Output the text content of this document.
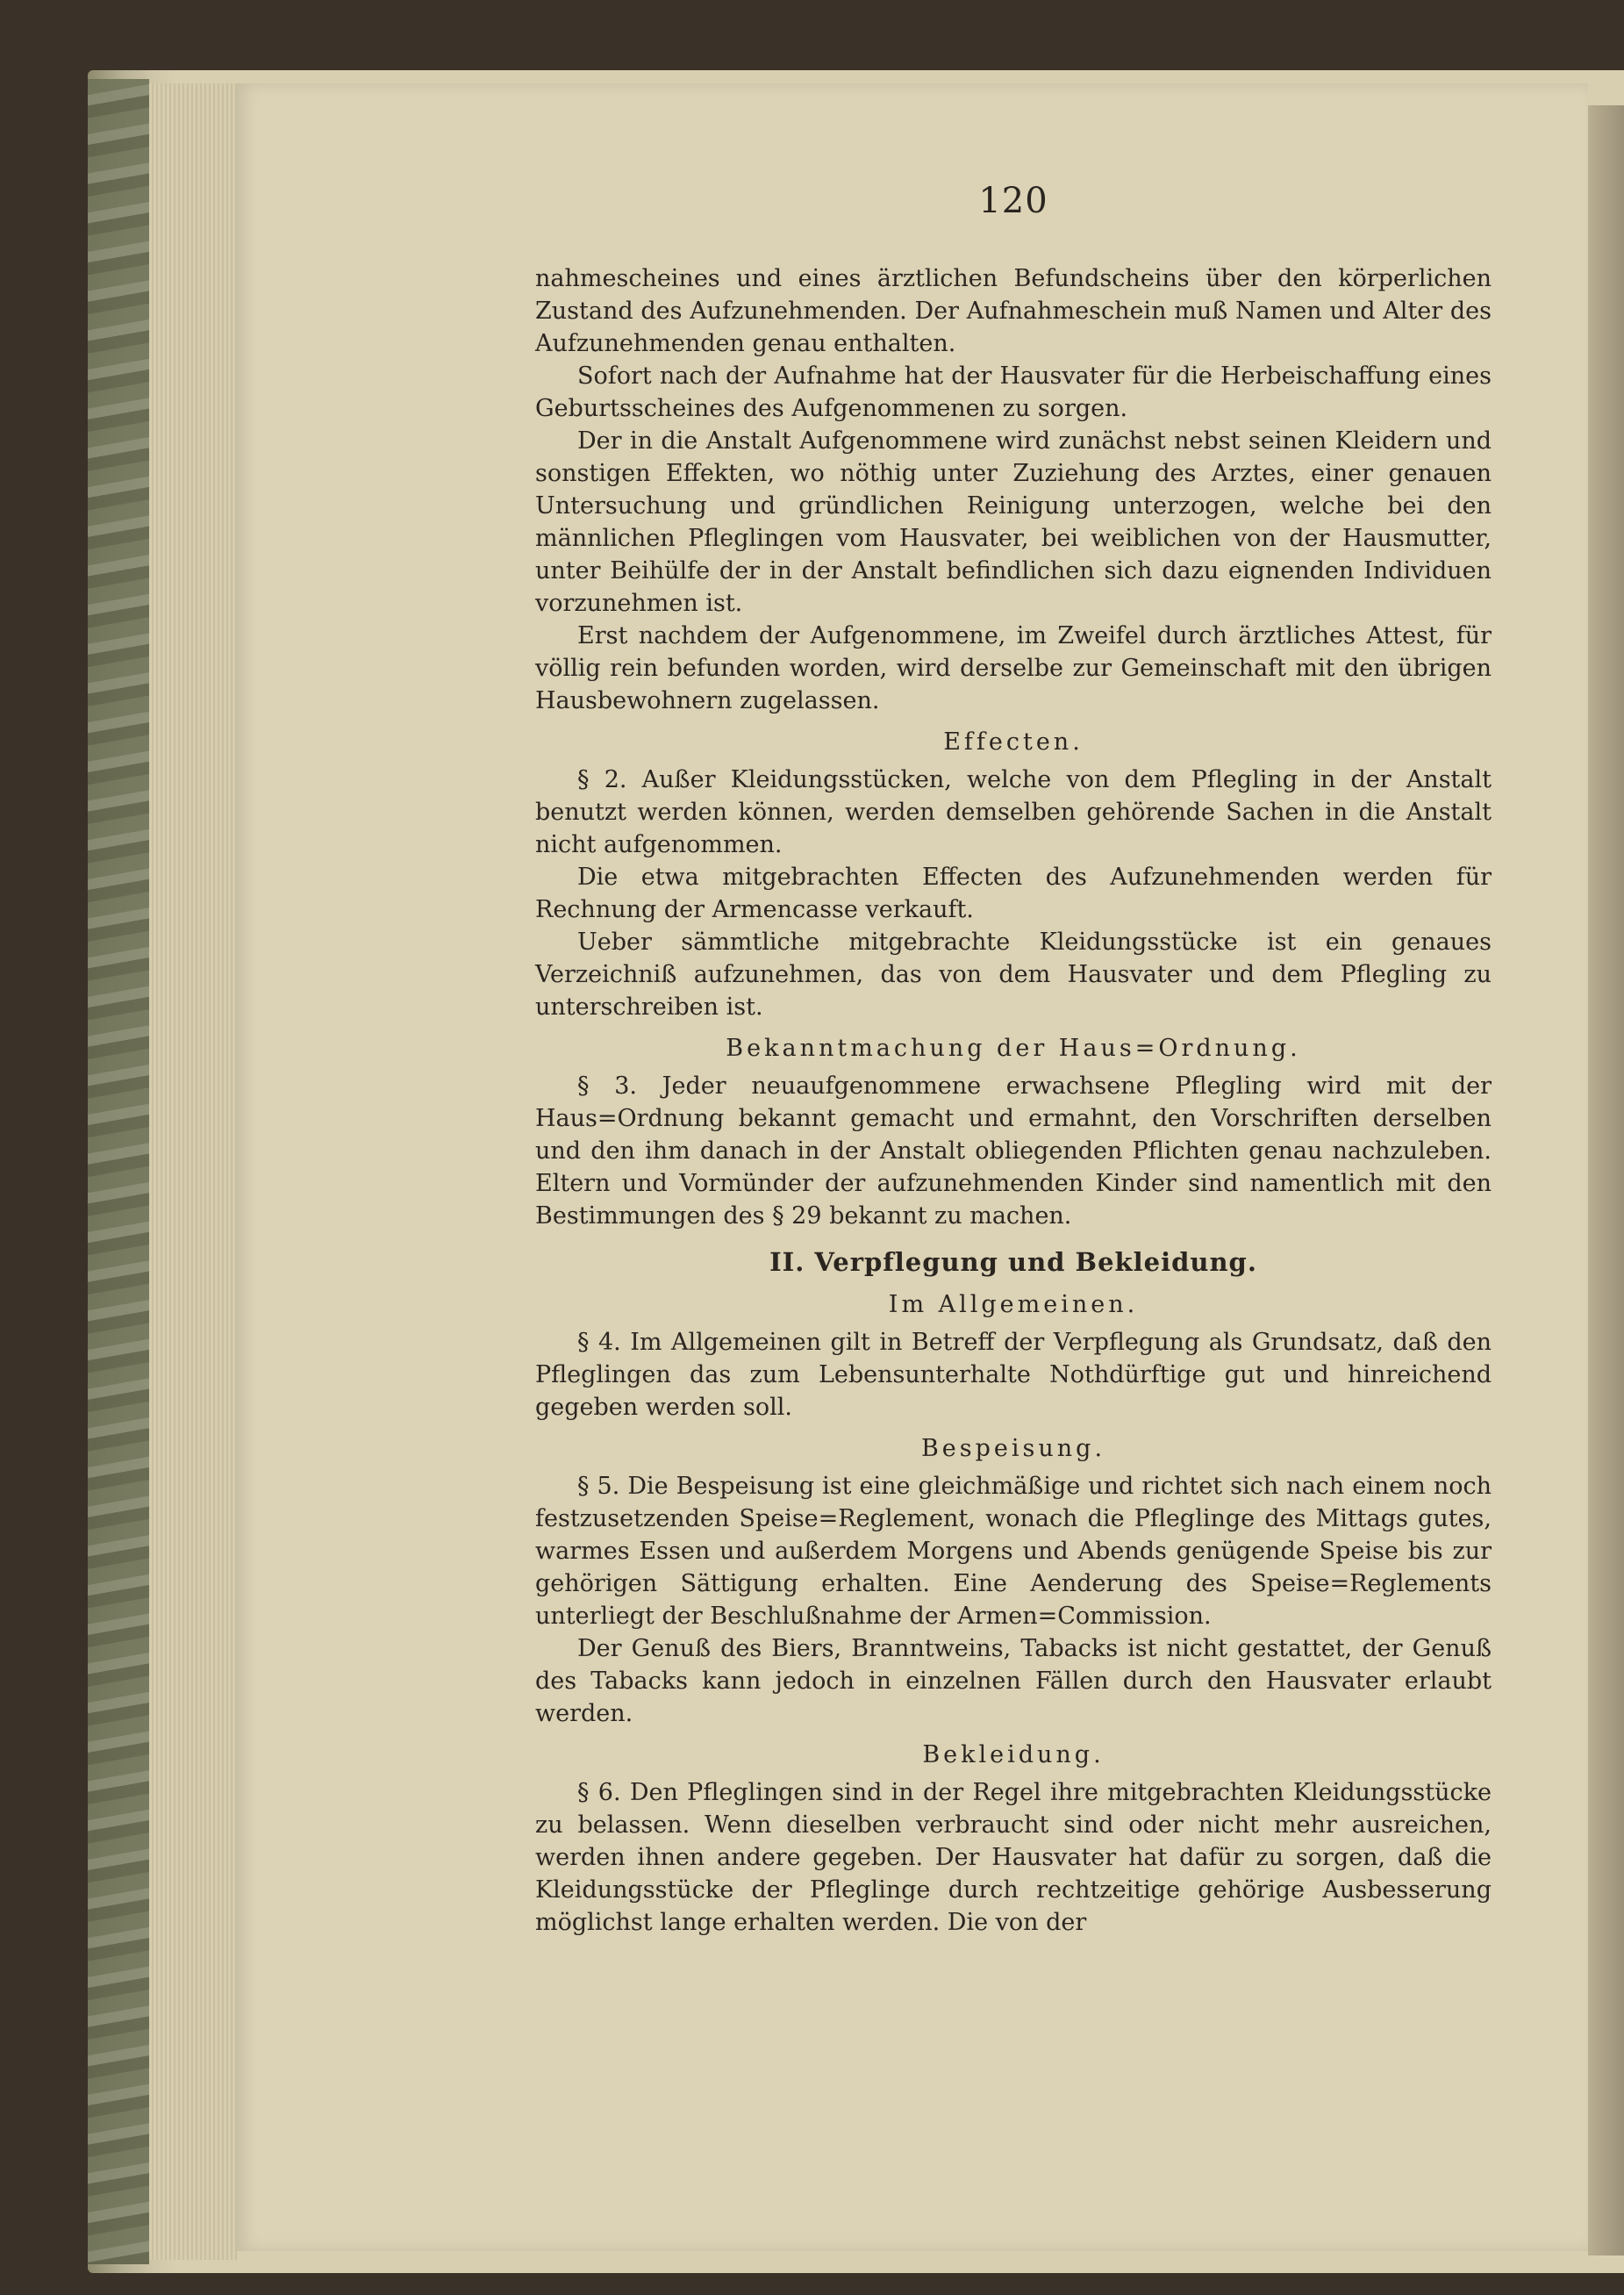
120

nahmescheines und eines ärztlichen Befundscheins über den körperlichen Zustand des Aufzunehmenden. Der Aufnahmeschein muß Namen und Alter des Aufzunehmenden genau enthalten.

Sofort nach der Aufnahme hat der Hausvater für die Herbeischaffung eines Geburtsscheines des Aufgenommenen zu sorgen.

Der in die Anstalt Aufgenommene wird zunächst nebst seinen Kleidern und sonstigen Effekten, wo nöthig unter Zuziehung des Arztes, einer genauen Untersuchung und gründlichen Reinigung unterzogen, welche bei den männlichen Pfleglingen vom Hausvater, bei weiblichen von der Hausmutter, unter Beihülfe der in der Anstalt befindlichen sich dazu eignenden Individuen vorzunehmen ist.

Erst nachdem der Aufgenommene, im Zweifel durch ärztliches Attest, für völlig rein befunden worden, wird derselbe zur Gemeinschaft mit den übrigen Hausbewohnern zugelassen.

Effecten.

§ 2. Außer Kleidungsstücken, welche von dem Pflegling in der Anstalt benutzt werden können, werden demselben gehörende Sachen in die Anstalt nicht aufgenommen.

Die etwa mitgebrachten Effecten des Aufzunehmenden werden für Rechnung der Armencasse verkauft.

Ueber sämmtliche mitgebrachte Kleidungsstücke ist ein genaues Verzeichniß aufzunehmen, das von dem Hausvater und dem Pflegling zu unterschreiben ist.

Bekanntmachung der Haus=Ordnung.

§ 3. Jeder neuaufgenommene erwachsene Pflegling wird mit der Haus=Ordnung bekannt gemacht und ermahnt, den Vorschriften derselben und den ihm danach in der Anstalt obliegenden Pflichten genau nachzuleben. Eltern und Vormünder der aufzunehmenden Kinder sind namentlich mit den Bestimmungen des § 29 bekannt zu machen.

II. Verpflegung und Bekleidung.
Im Allgemeinen.

§ 4. Im Allgemeinen gilt in Betreff der Verpflegung als Grundsatz, daß den Pfleglingen das zum Lebensunterhalte Nothdürftige gut und hinreichend gegeben werden soll.

Bespeisung.

§ 5. Die Bespeisung ist eine gleichmäßige und richtet sich nach einem noch festzusetzenden Speise=Reglement, wonach die Pfleglinge des Mittags gutes, warmes Essen und außerdem Morgens und Abends genügende Speise bis zur gehörigen Sättigung erhalten. Eine Aenderung des Speise=Reglements unterliegt der Beschlußnahme der Armen=Commission.

Der Genuß des Biers, Branntweins, Tabacks ist nicht gestattet, der Genuß des Tabacks kann jedoch in einzelnen Fällen durch den Hausvater erlaubt werden.

Bekleidung.

§ 6. Den Pfleglingen sind in der Regel ihre mitgebrachten Kleidungsstücke zu belassen. Wenn dieselben verbraucht sind oder nicht mehr ausreichen, werden ihnen andere gegeben. Der Hausvater hat dafür zu sorgen, daß die Kleidungsstücke der Pfleglinge durch rechtzeitige gehörige Ausbesserung möglichst lange erhalten werden. Die von der
